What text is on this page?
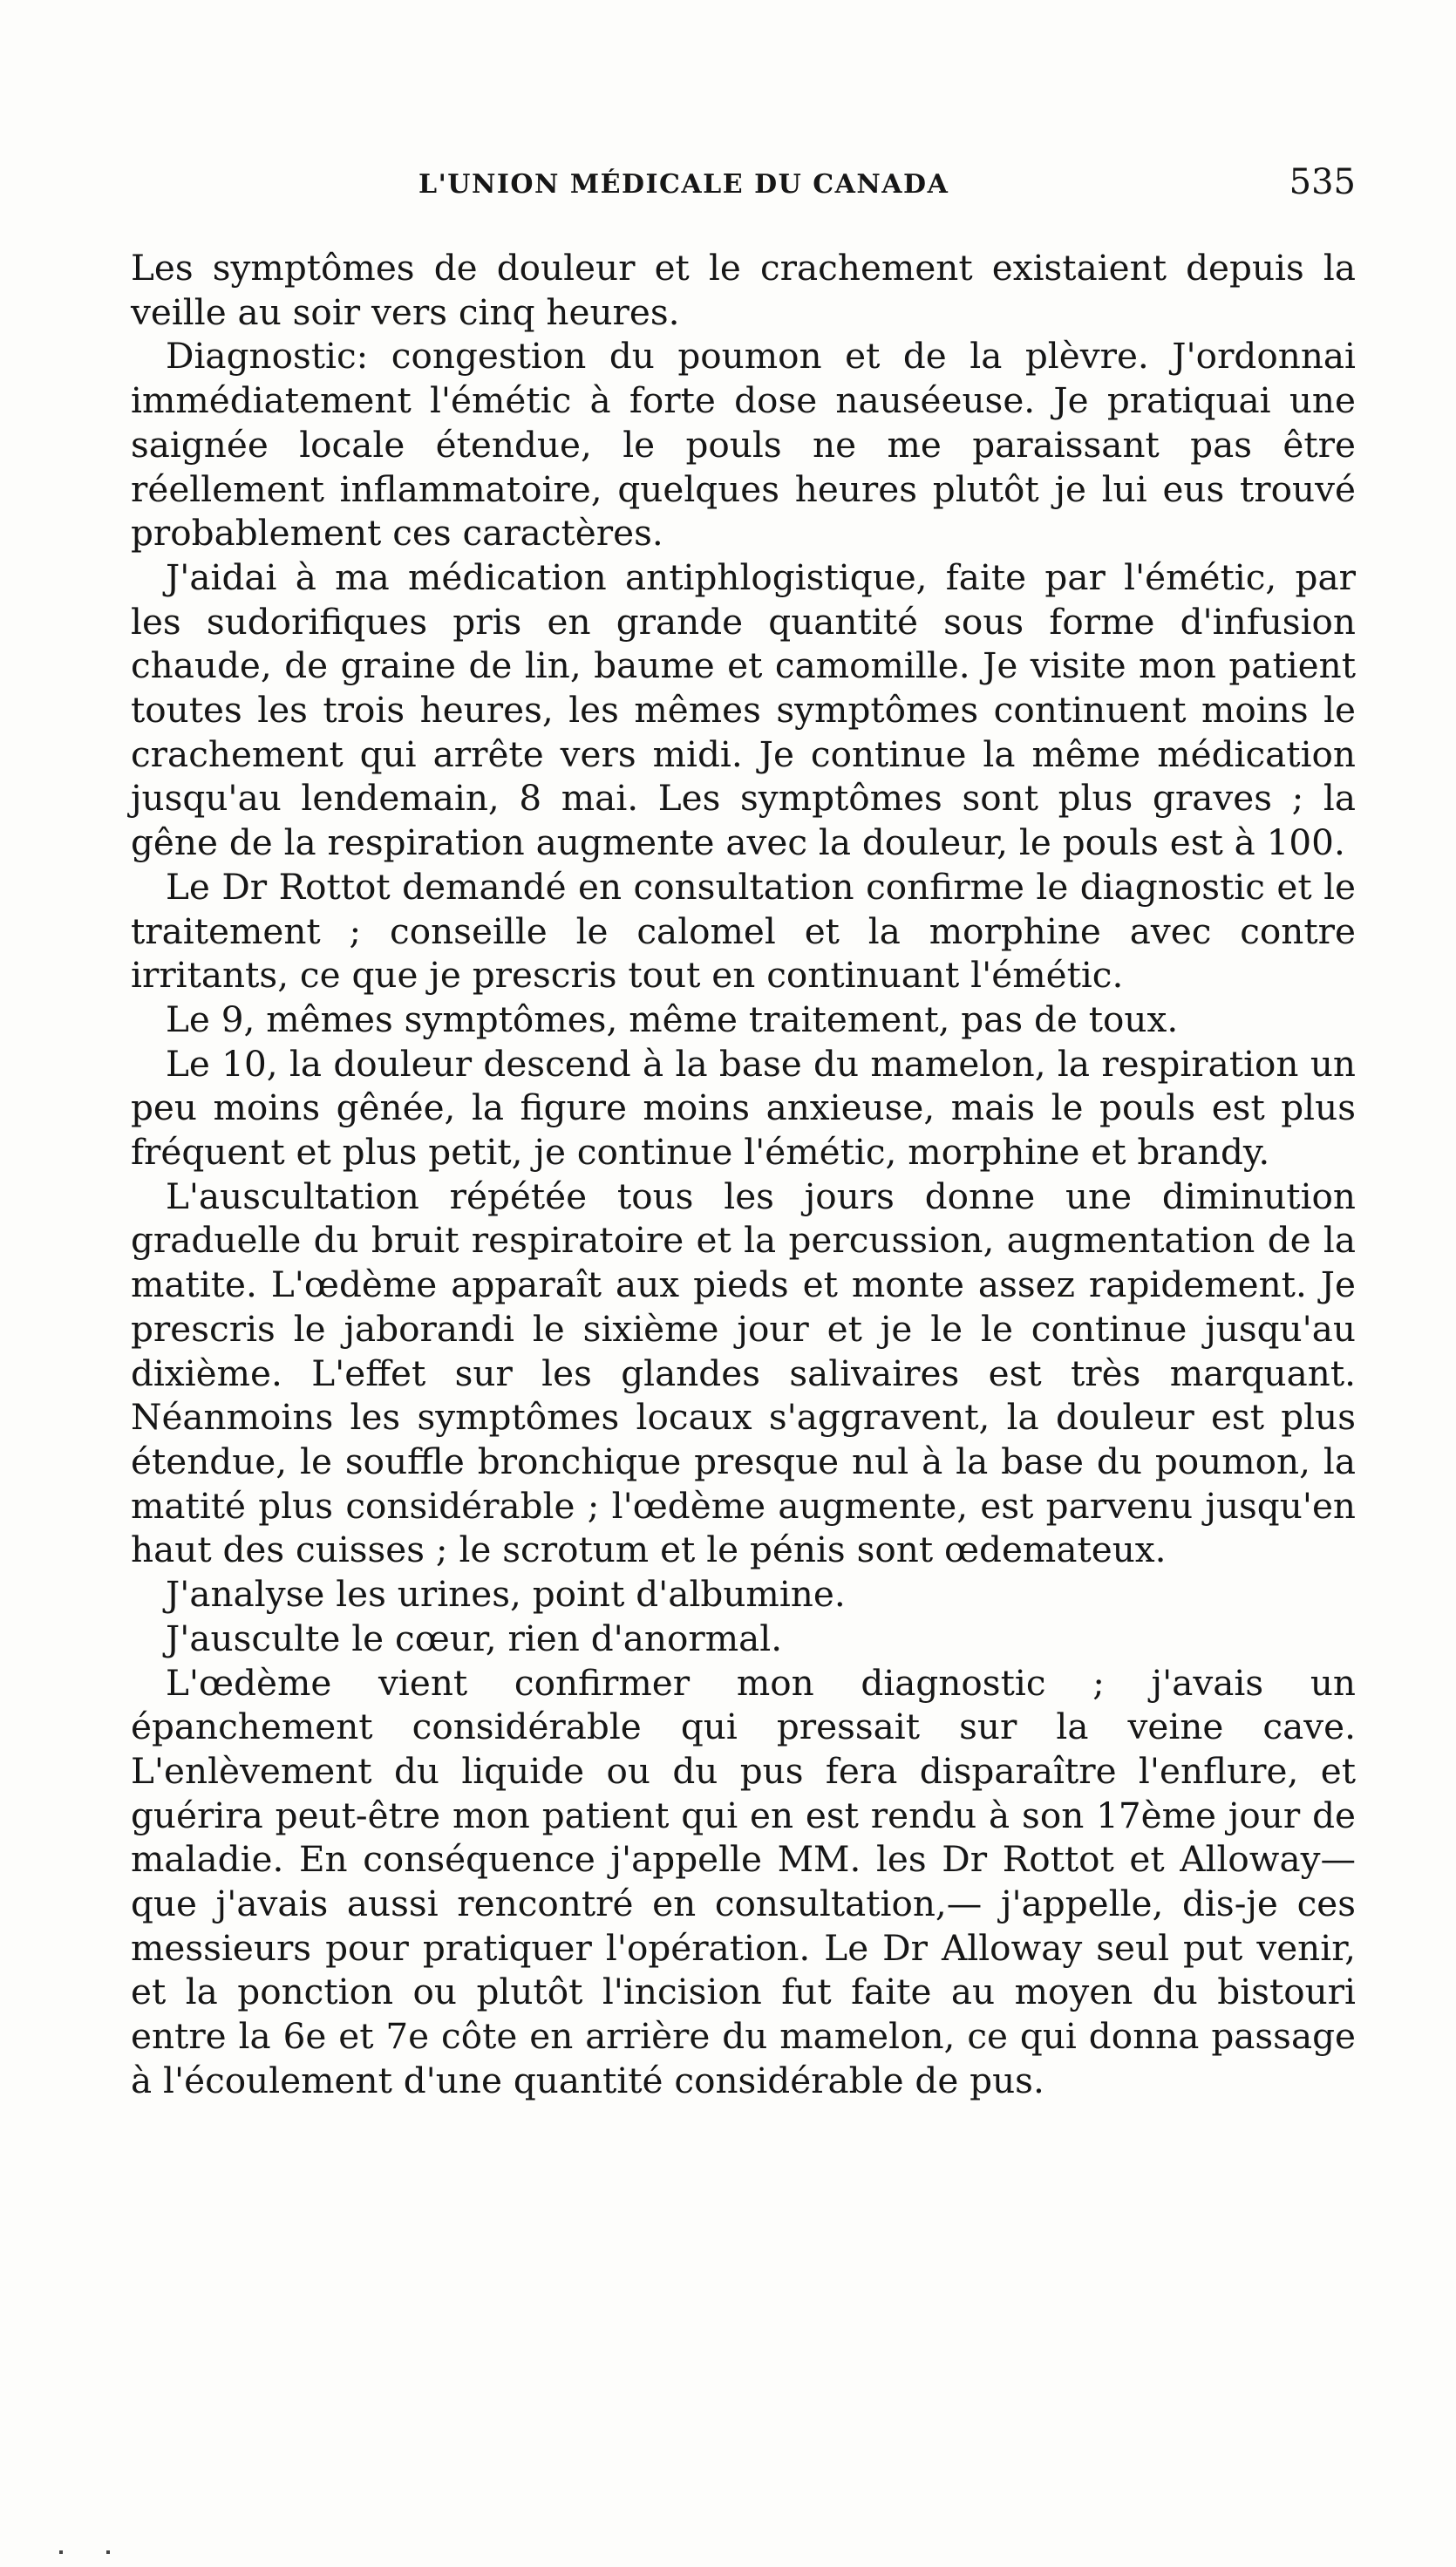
L'UNION MÉDICALE DU CANADA	535

Les symptômes de douleur et le crachement existaient depuis la veille au soir vers cinq heures.

Diagnostic: congestion du poumon et de la plèvre. J'ordonnai immédiatement l'émétic à forte dose nauséeuse. Je pratiquai une saignée locale étendue, le pouls ne me paraissant pas être réellement inflammatoire, quelques heures plutôt je lui eus trouvé probablement ces caractères.

J'aidai à ma médication antiphlogistique, faite par l'émétic, par les sudorifiques pris en grande quantité sous forme d'infusion chaude, de graine de lin, baume et camomille. Je visite mon patient toutes les trois heures, les mêmes symptômes continuent moins le crachement qui arrête vers midi. Je continue la même médication jusqu'au lendemain, 8 mai. Les symptômes sont plus graves ; la gêne de la respiration augmente avec la douleur, le pouls est à 100.

Le Dr Rottot demandé en consultation confirme le diagnostic et le traitement ; conseille le calomel et la morphine avec contre irritants, ce que je prescris tout en continuant l'émétic.

Le 9, mêmes symptômes, même traitement, pas de toux.

Le 10, la douleur descend à la base du mamelon, la respiration un peu moins gênée, la figure moins anxieuse, mais le pouls est plus fréquent et plus petit, je continue l'émétic, morphine et brandy.

L'auscultation répétée tous les jours donne une diminution graduelle du bruit respiratoire et la percussion, augmentation de la matite. L'œdème apparaît aux pieds et monte assez rapidement. Je prescris le jaborandi le sixième jour et je le le continue jusqu'au dixième. L'effet sur les glandes salivaires est très marquant. Néanmoins les symptômes locaux s'aggravent, la douleur est plus étendue, le souffle bronchique presque nul à la base du poumon, la matité plus considérable ; l'œdème augmente, est parvenu jusqu'en haut des cuisses ; le scrotum et le pénis sont œdemateux.

J'analyse les urines, point d'albumine.

J'ausculte le cœur, rien d'anormal.

L'œdème vient confirmer mon diagnostic ; j'avais un épanchement considérable qui pressait sur la veine cave. L'enlèvement du liquide ou du pus fera disparaître l'enflure, et guérira peut-être mon patient qui en est rendu à son 17ème jour de maladie. En conséquence j'appelle MM. les Dr Rottot et Alloway—que j'avais aussi rencontré en consultation,— j'appelle, dis-je ces messieurs pour pratiquer l'opération. Le Dr Alloway seul put venir, et la ponction ou plutôt l'incision fut faite au moyen du bistouri entre la 6e et 7e côte en arrière du mamelon, ce qui donna passage à l'écoulement d'une quantité considérable de pus.
